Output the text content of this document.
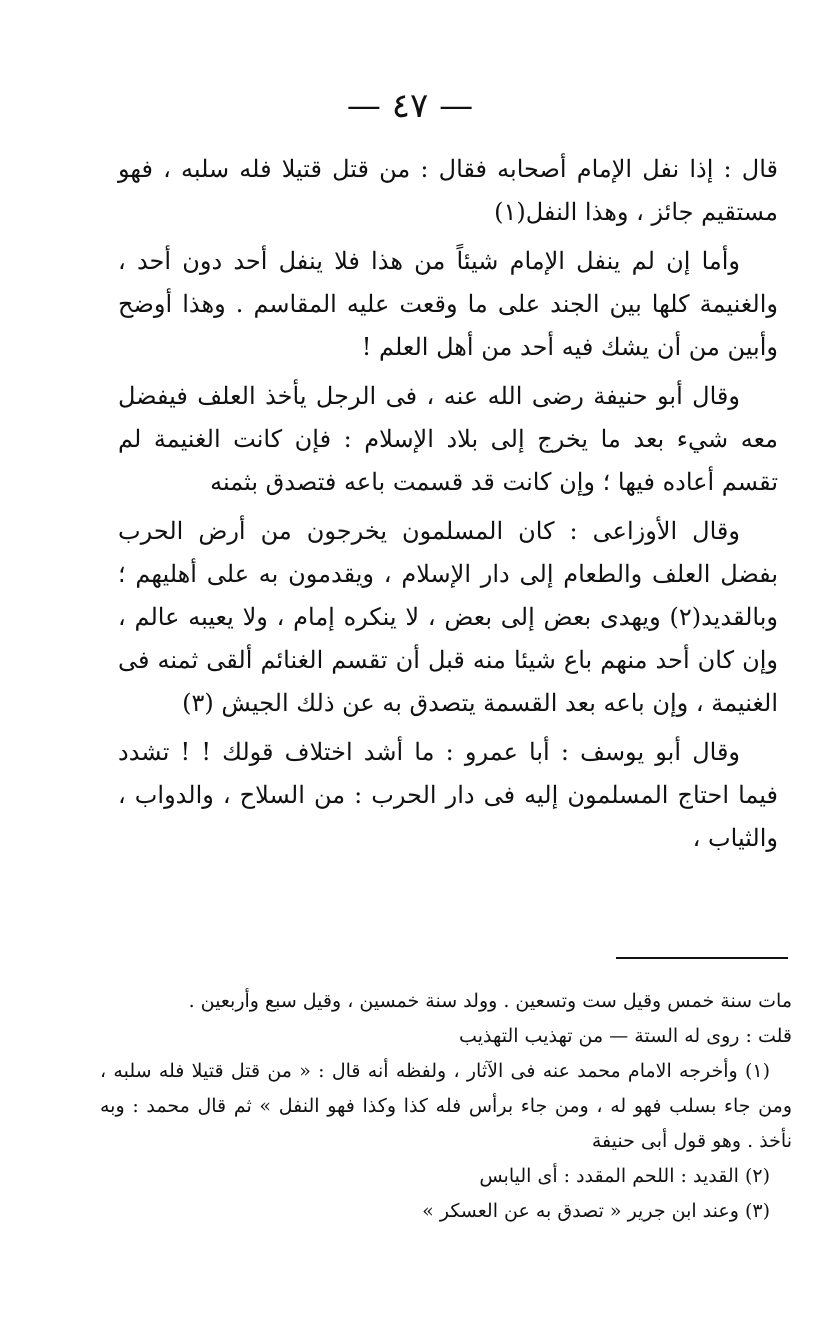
— ٤٧ —

قال : إذا نفل الإمام أصحابه فقال : من قتل قتيلا فله سلبه ، فهو مستقيم جائز ، وهذا النفل(١)

وأما إن لم ينفل الإمام شيئاً من هذا فلا ينفل أحد دون أحد ، والغنيمة كلها بين الجند على ما وقعت عليه المقاسم . وهذا أوضح وأبين من أن يشك فيه أحد من أهل العلم !

وقال أبو حنيفة رضى الله عنه ، فى الرجل يأخذ العلف فيفضل معه شيء بعد ما يخرج إلى بلاد الإسلام : فإن كانت الغنيمة لم تقسم أعاده فيها ؛ وإن كانت قد قسمت باعه فتصدق بثمنه

وقال الأوزاعى : كان المسلمون يخرجون من أرض الحرب بفضل العلف والطعام إلى دار الإسلام ، ويقدمون به على أهليهم ؛ وبالقديد(٢) ويهدى بعض إلى بعض ، لا ينكره إمام ، ولا يعيبه عالم ، وإن كان أحد منهم باع شيئا منه قبل أن تقسم الغنائم ألقى ثمنه فى الغنيمة ، وإن باعه بعد القسمة يتصدق به عن ذلك الجيش (٣)

وقال أبو يوسف : أبا عمرو : ما أشد اختلاف قولك ! ! تشدد فيما احتاج المسلمون إليه فى دار الحرب : من السلاح ، والدواب ، والثياب ،

مات سنة خمس وقيل ست وتسعين . وولد سنة خمسين ، وقيل سبع وأربعين .

قلت : روى له الستة — من تهذيب التهذيب

(١) وأخرجه الامام محمد عنه فى الآثار ، ولفظه أنه قال : « من قتل قتيلا فله سلبه ، ومن جاء بسلب فهو له ، ومن جاء برأس فله كذا وكذا فهو النفل » ثم قال محمد : وبه نأخذ . وهو قول أبى حنيفة

(٢) القديد : اللحم المقدد : أى اليابس

(٣) وعند ابن جرير « تصدق به عن العسكر »
